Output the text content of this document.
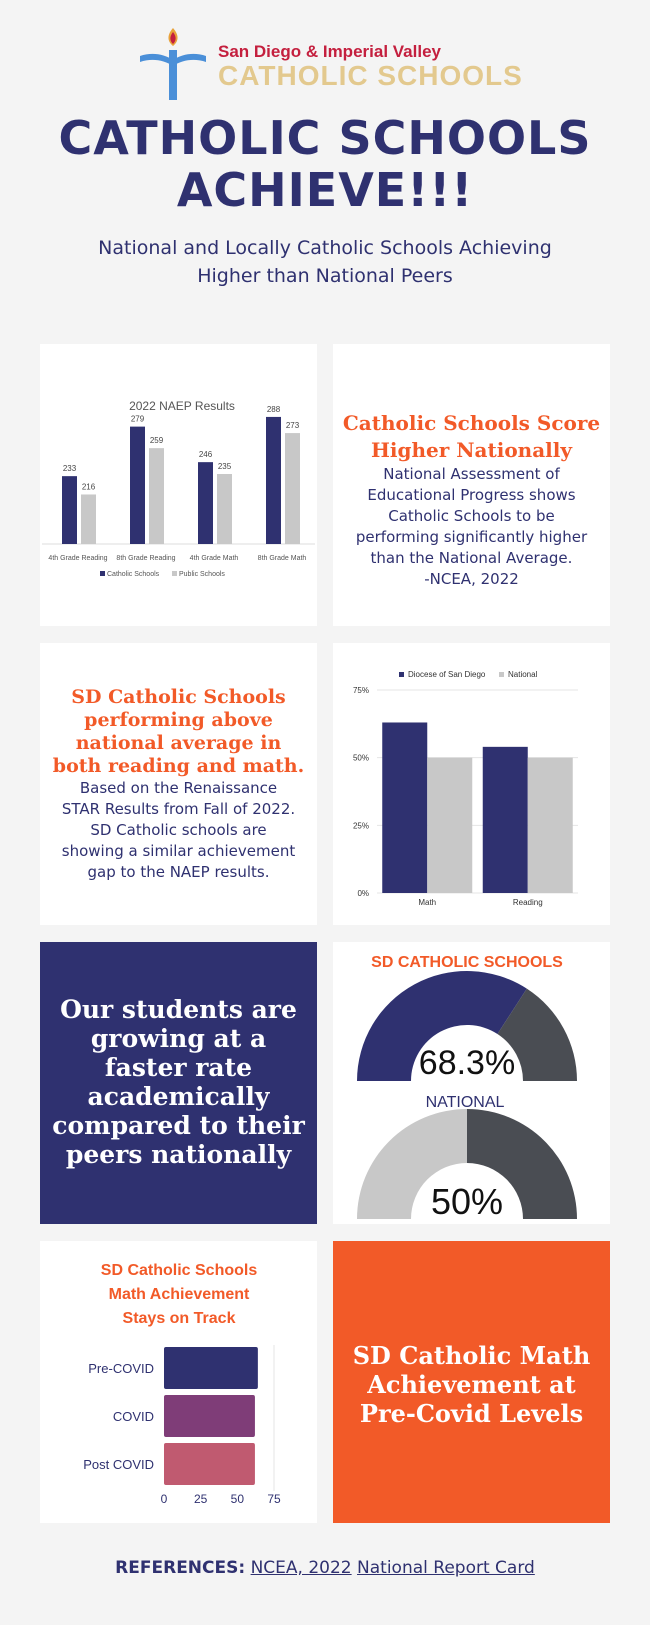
San Diego & Imperial Valley
CATHOLIC SCHOOLS
CATHOLIC SCHOOLS
ACHIEVE!!!
National and Locally Catholic Schools Achieving
Higher than National Peers
2022 NAEP Results
233
216
4th Grade Reading
279
259
8th Grade Reading
246
235
4th Grade Math
288
273
8th Grade Math
Catholic Schools	Public Schools
Catholic Schools Score
Higher Nationally
National Assessment of
Educational Progress shows
Catholic Schools to be
performing significantly higher
than the National Average.
-NCEA, 2022
SD Catholic Schools
performing above
national average in
both reading and math.
Based on the Renaissance
STAR Results from Fall of 2022.
SD Catholic schools are
showing a similar achievement
gap to the NAEP results.
0%
25%
50%
75%
Math	Reading
Diocese of San Diego	National
Our students are
growing at a
faster rate
academically
compared to their
peers nationally
SD CATHOLIC SCHOOLS
68.3%
NATIONAL
50%
SD Catholic Schools
Math Achievement
Stays on Track
Pre-COVID
COVID
Post COVID
0 25 50 75
SD Catholic Math
Achievement at
Pre-Covid Levels
REFERENCES: NCEA, 2022 National Report Card
